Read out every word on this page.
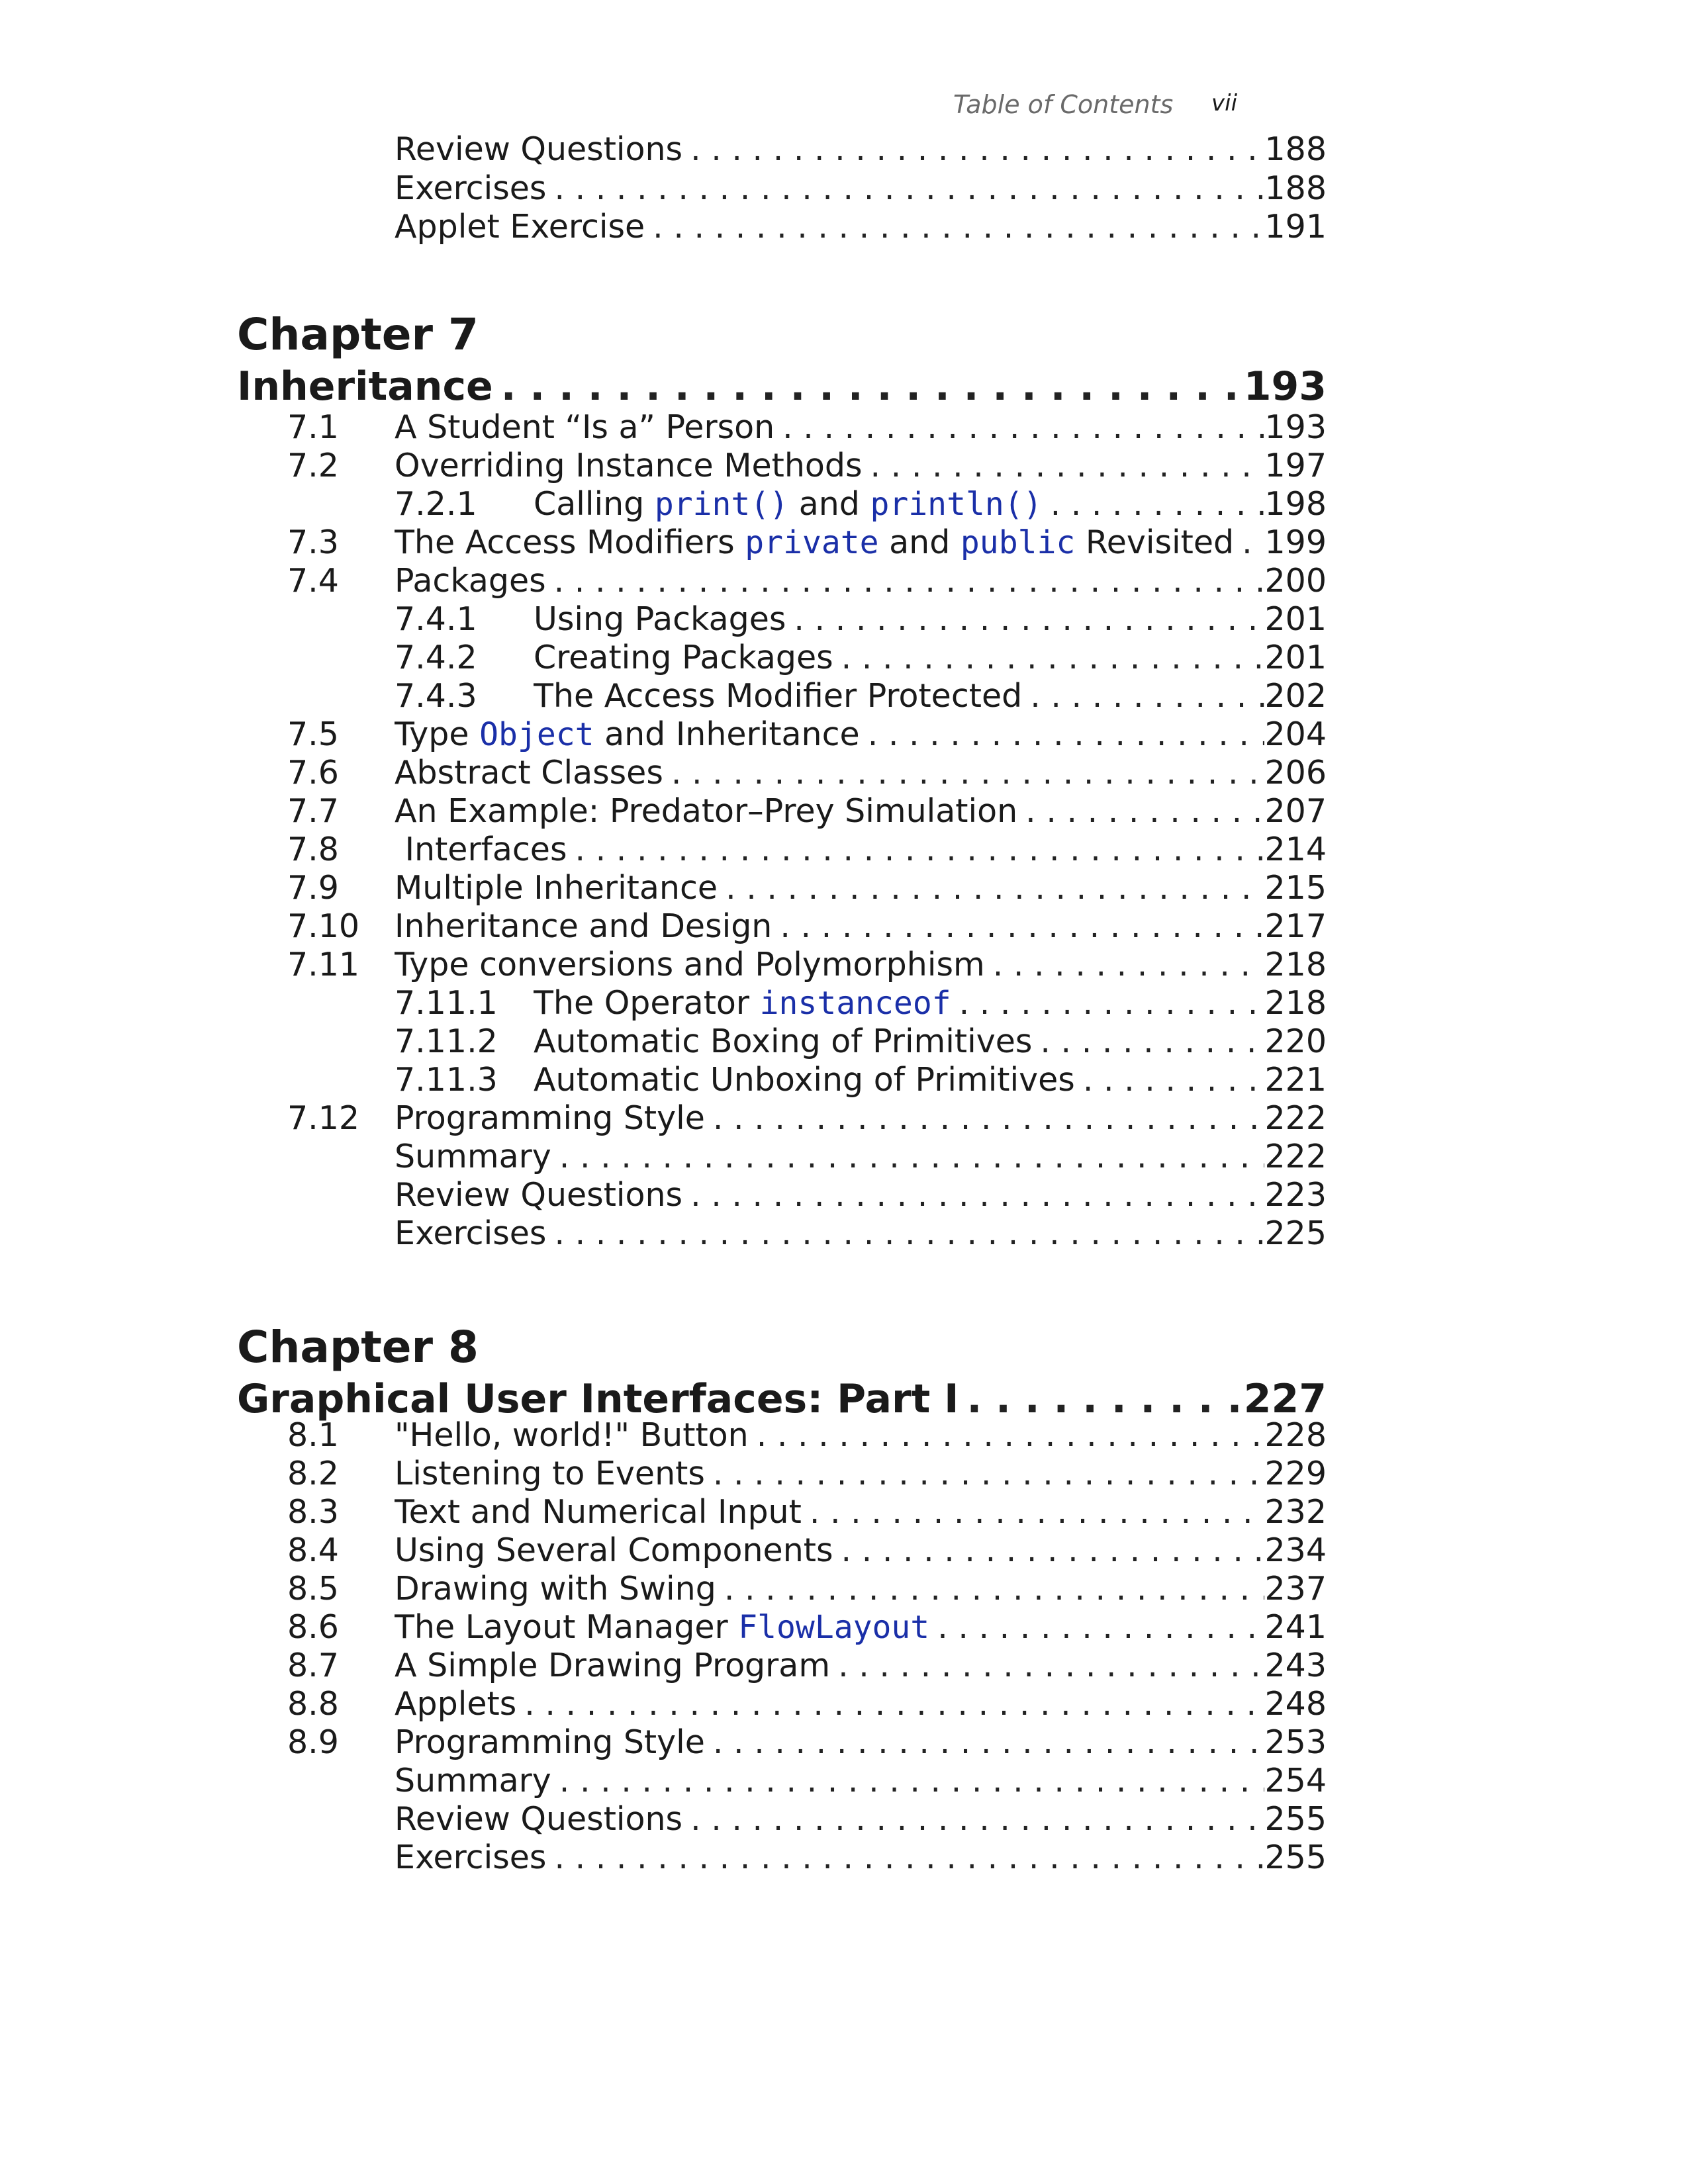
Table of Contents vii
Review Questions . . .	188
Exercises . . .	188
Applet Exercise . . .	191
Chapter 7
Inheritance . . .	193
7.1 A Student “Is a” Person . . .	193
7.2 Overriding Instance Methods . . .	197
7.2.1 Calling print() and println() . . .	198
7.3 The Access Modifiers private and public Revisited . . . 199
7.4 Packages . . .	200
7.4.1 Using Packages . . .	201
7.4.2 Creating Packages . . .	201
7.4.3 The Access Modifier Protected . . .	202
7.5 Type Object and Inheritance . . .	204
7.6 Abstract Classes . . .	206
7.7 An Example: Predator–Prey Simulation . . .	207
7.8 Interfaces . . .	214
7.9 Multiple Inheritance . . .	215
7.10 Inheritance and Design . . .	217
7.11 Type conversions and Polymorphism . . .	218
7.11.1 The Operator instanceof . . .	218
7.11.2 Automatic Boxing of Primitives . . .	220
7.11.3 Automatic Unboxing of Primitives . . .	221
7.12 Programming Style . . .	222
Summary . . .	222
Review Questions . . .	223
Exercises . . .	225
Chapter 8
Graphical User Interfaces: Part I . . .	227
8.1 "Hello, world!" Button . . .	228
8.2 Listening to Events . . .	229
8.3 Text and Numerical Input . . .	232
8.4 Using Several Components . . .	234
8.5 Drawing with Swing . . .	237
8.6 The Layout Manager FlowLayout . . .	241
8.7 A Simple Drawing Program . . .	243
8.8 Applets . . .	248
8.9 Programming Style . . .	253
Summary . . .	254
Review Questions . . .	255
Exercises . . .	255
